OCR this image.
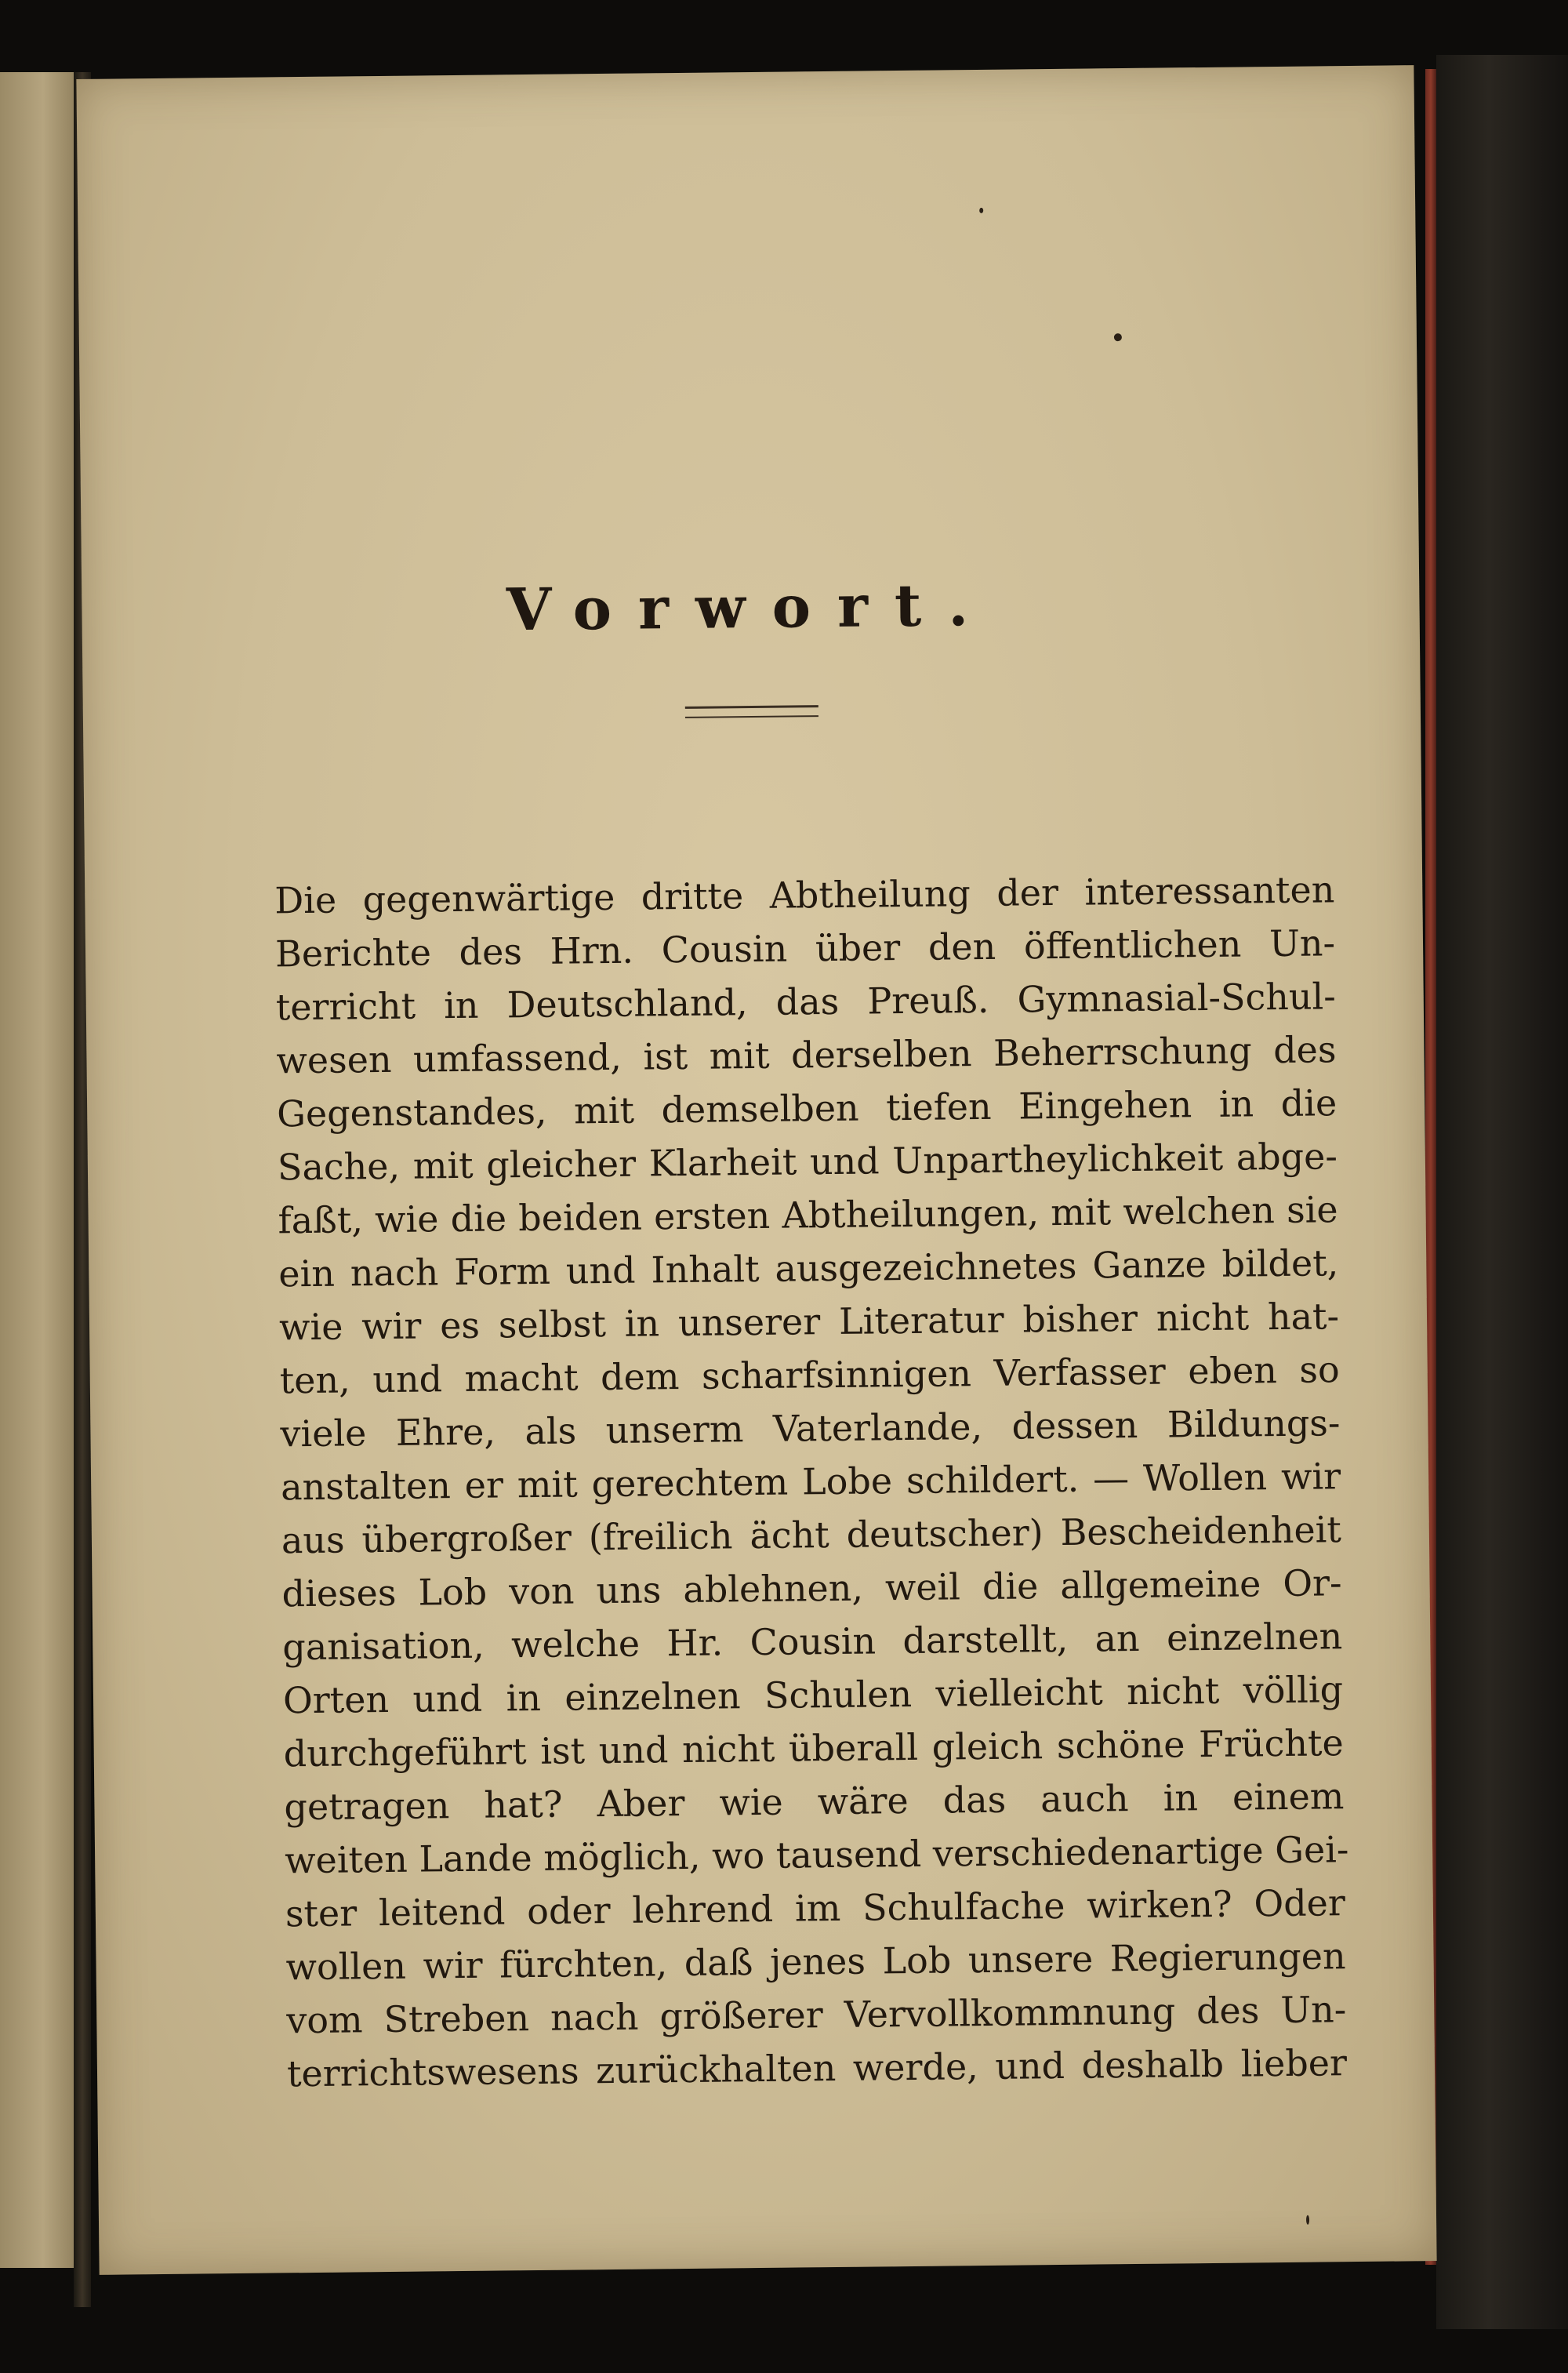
Vorwort.
Die gegenwärtige dritte Abtheilung der interessanten
Berichte des Hrn. Cousin über den öffentlichen Un-
terricht in Deutschland, das Preuß. Gymnasial-Schul-
wesen umfassend, ist mit derselben Beherrschung des
Gegenstandes, mit demselben tiefen Eingehen in die
Sache, mit gleicher Klarheit und Unpartheylichkeit abge-
faßt, wie die beiden ersten Abtheilungen, mit welchen sie
ein nach Form und Inhalt ausgezeichnetes Ganze bildet,
wie wir es selbst in unserer Literatur bisher nicht hat-
ten, und macht dem scharfsinnigen Verfasser eben so
viele Ehre, als unserm Vaterlande, dessen Bildungs-
anstalten er mit gerechtem Lobe schildert. — Wollen wir
aus übergroßer (freilich ächt deutscher) Bescheidenheit
dieses Lob von uns ablehnen, weil die allgemeine Or-
ganisation, welche Hr. Cousin darstellt, an einzelnen
Orten und in einzelnen Schulen vielleicht nicht völlig
durchgeführt ist und nicht überall gleich schöne Früchte
getragen hat? Aber wie wäre das auch in einem
weiten Lande möglich, wo tausend verschiedenartige Gei-
ster leitend oder lehrend im Schulfache wirken? Oder
wollen wir fürchten, daß jenes Lob unsere Regierungen
vom Streben nach größerer Vervollkommnung des Un-
terrichtswesens zurückhalten werde, und deshalb lieber
